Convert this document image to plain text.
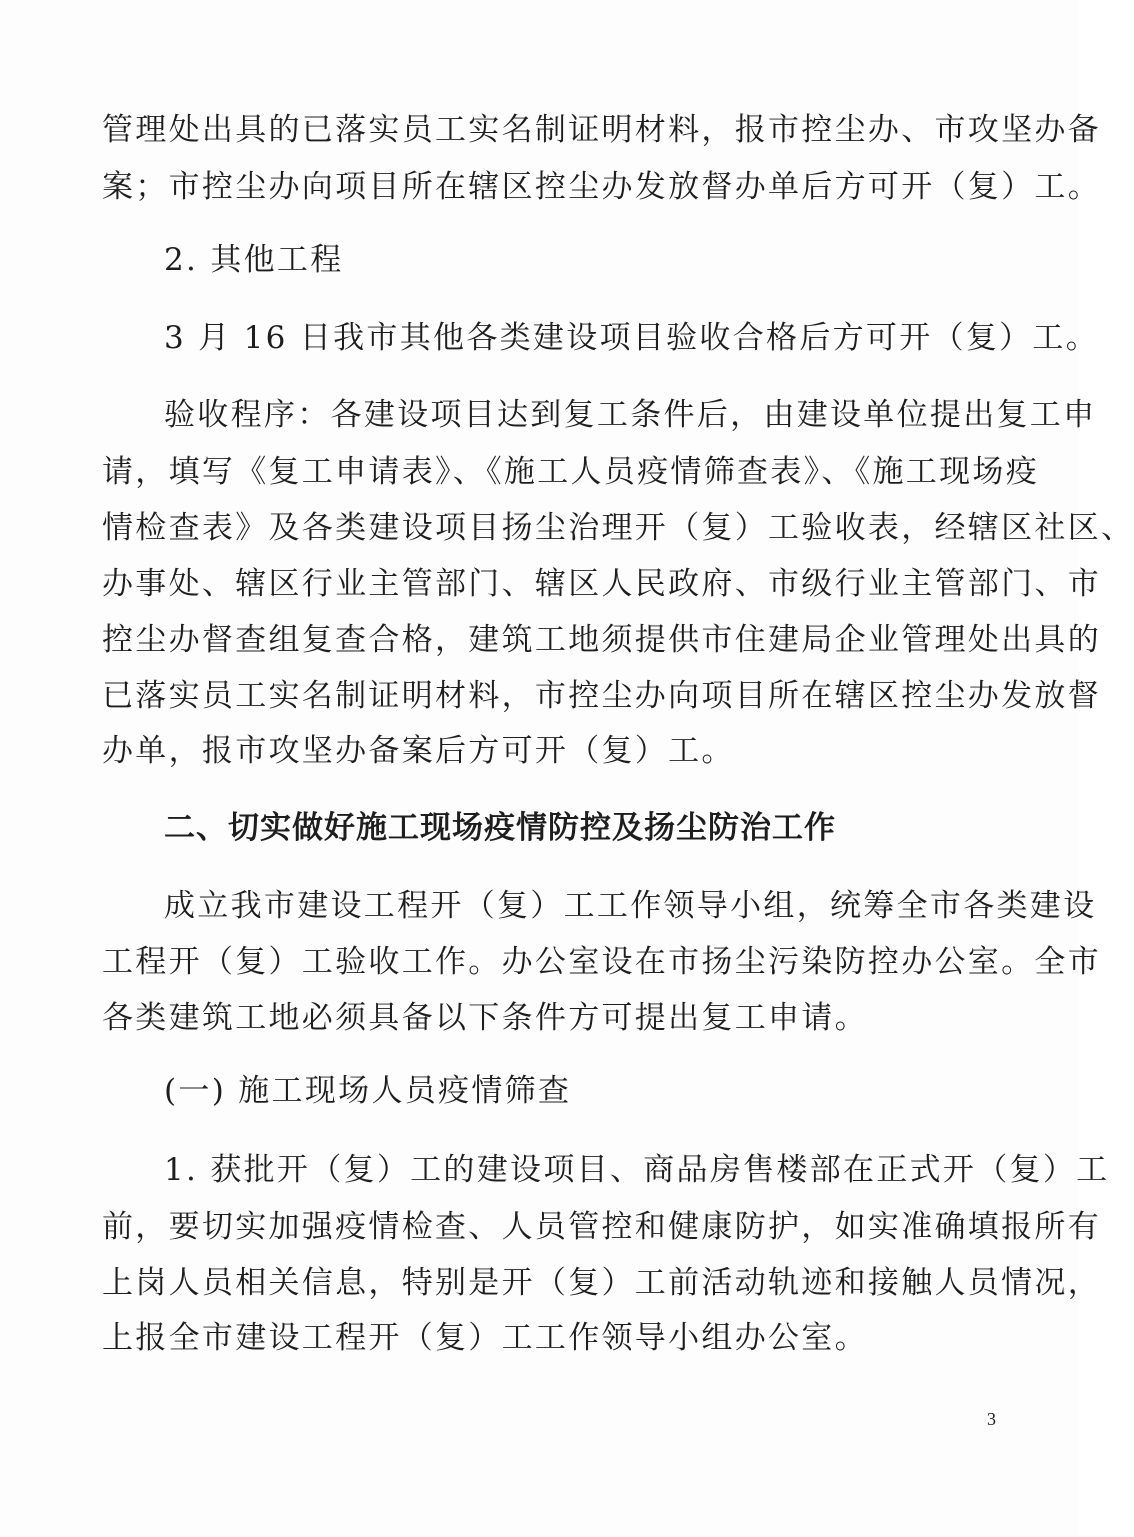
管理处出具的已落实员工实名制证明材料，报市控尘办、市攻坚办备
案；市控尘办向项目所在辖区控尘办发放督办单后方可开（复）工。
2. 其他工程
3 月 16 日我市其他各类建设项目验收合格后方可开（复）工。
验收程序：各建设项目达到复工条件后，由建设单位提出复工申
请，填写《复工申请表》、《施工人员疫情筛查表》、《施工现场疫
情检查表》及各类建设项目扬尘治理开（复）工验收表，经辖区社区、
办事处、辖区行业主管部门、辖区人民政府、市级行业主管部门、市
控尘办督查组复查合格，建筑工地须提供市住建局企业管理处出具的
已落实员工实名制证明材料，市控尘办向项目所在辖区控尘办发放督
办单，报市攻坚办备案后方可开（复）工。
二、切实做好施工现场疫情防控及扬尘防治工作
成立我市建设工程开（复）工工作领导小组，统筹全市各类建设
工程开（复）工验收工作。办公室设在市扬尘污染防控办公室。全市
各类建筑工地必须具备以下条件方可提出复工申请。
(一) 施工现场人员疫情筛查
1. 获批开（复）工的建设项目、商品房售楼部在正式开（复）工
前，要切实加强疫情检查、人员管控和健康防护，如实准确填报所有
上岗人员相关信息，特别是开（复）工前活动轨迹和接触人员情况，
上报全市建设工程开（复）工工作领导小组办公室。
3
